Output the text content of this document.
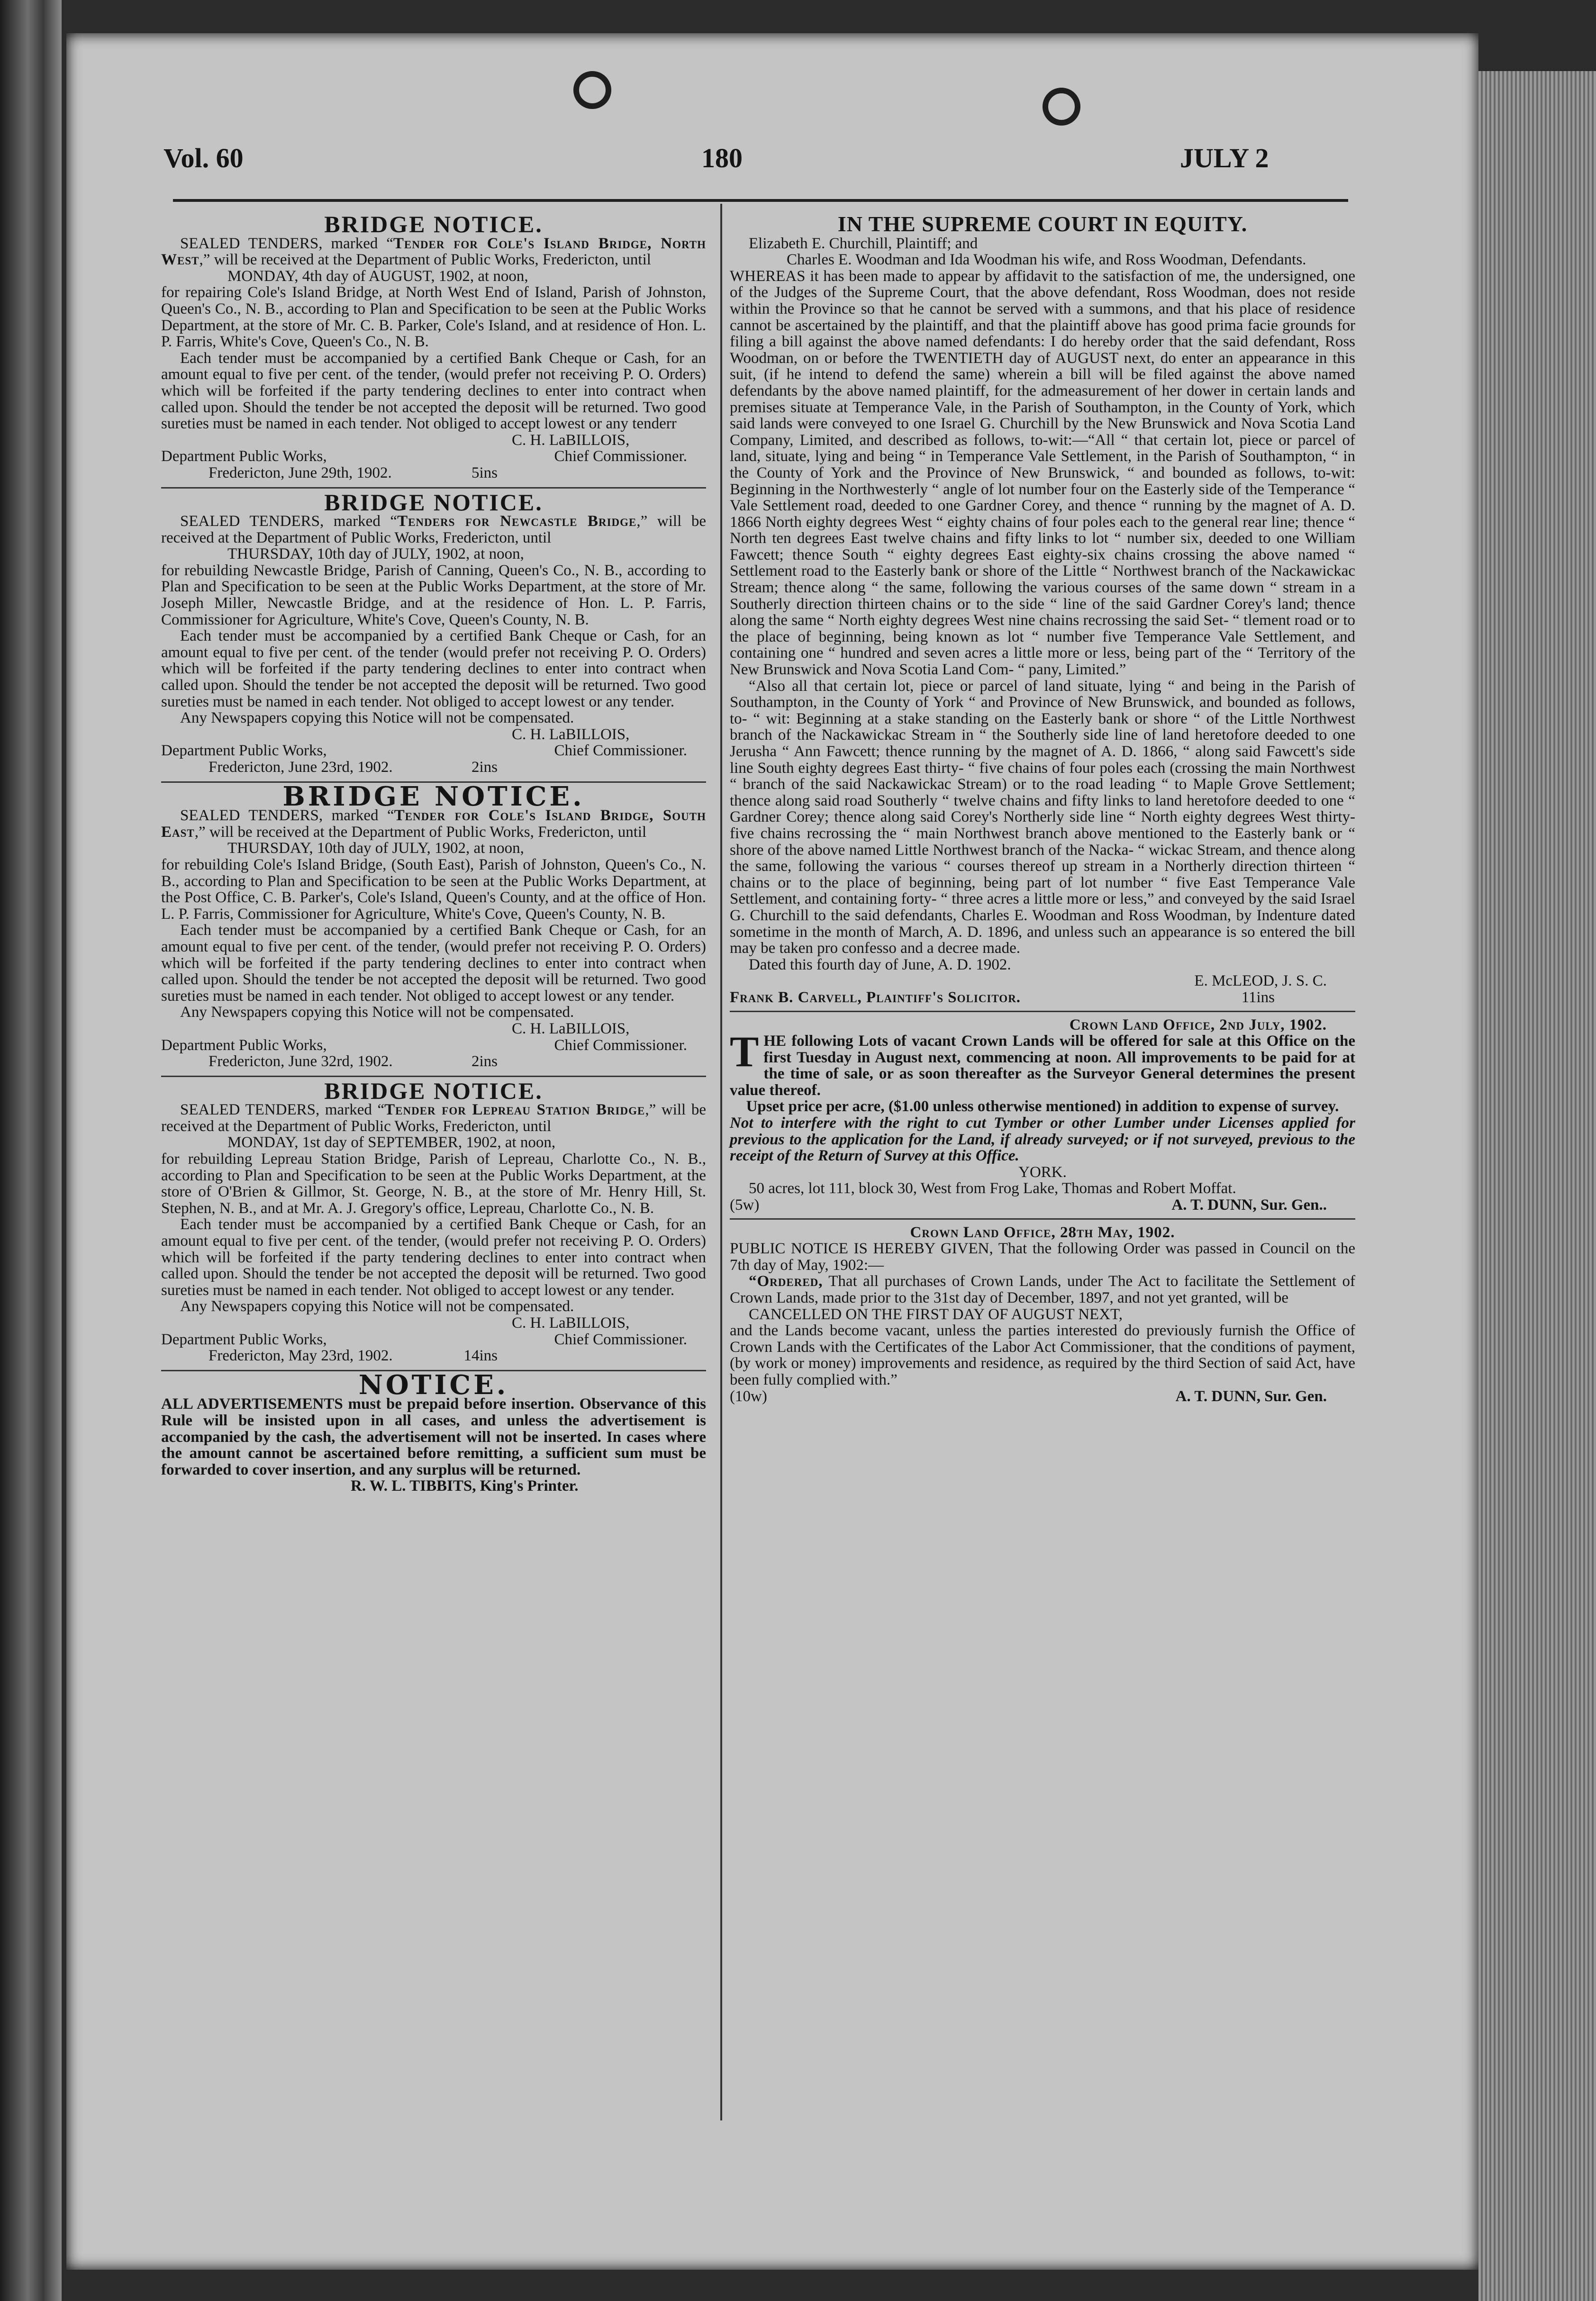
Vol. 60	180	JULY 2
BRIDGE NOTICE.

SEALED TENDERS, marked “Tender for Cole's Island Bridge, North West,” will be received at the Department of Public Works, Fredericton, until

MONDAY, 4th day of AUGUST, 1902, at noon,

for repairing Cole's Island Bridge, at North West End of Island, Parish of Johnston, Queen's Co., N. B., according to Plan and Specification to be seen at the Public Works Department, at the store of Mr. C. B. Parker, Cole's Island, and at residence of Hon. L. P. Farris, White's Cove, Queen's Co., N. B.

Each tender must be accompanied by a certified Bank Cheque or Cash, for an amount equal to five per cent. of the tender, (would prefer not receiving P. O. Orders) which will be forfeited if the party tendering declines to enter into contract when called upon. Should the tender be not accepted the deposit will be returned. Two good sureties must be named in each tender. Not obliged to accept lowest or any tenderr

C. H. LaBILLOIS,

Department Public Works,	Chief Commissioner.
Fredericton, June 29th, 1902.	5ins
BRIDGE NOTICE.

SEALED TENDERS, marked “Tenders for Newcastle Bridge,” will be received at the Department of Public Works, Fredericton, until

THURSDAY, 10th day of JULY, 1902, at noon,

for rebuilding Newcastle Bridge, Parish of Canning, Queen's Co., N. B., according to Plan and Specification to be seen at the Public Works Department, at the store of Mr. Joseph Miller, Newcastle Bridge, and at the residence of Hon. L. P. Farris, Commissioner for Agriculture, White's Cove, Queen's County, N. B.

Each tender must be accompanied by a certified Bank Cheque or Cash, for an amount equal to five per cent. of the tender (would prefer not receiving P. O. Orders) which will be forfeited if the party tendering declines to enter into contract when called upon. Should the tender be not accepted the deposit will be returned. Two good sureties must be named in each tender. Not obliged to accept lowest or any tender.

Any Newspapers copying this Notice will not be compensated.

C. H. LaBILLOIS,

Department Public Works,	Chief Commissioner.
Fredericton, June 23rd, 1902.	2ins
BRIDGE NOTICE.

SEALED TENDERS, marked “Tender for Cole's Island Bridge, South East,” will be received at the Department of Public Works, Fredericton, until

THURSDAY, 10th day of JULY, 1902, at noon,

for rebuilding Cole's Island Bridge, (South East), Parish of Johnston, Queen's Co., N. B., according to Plan and Specification to be seen at the Public Works Department, at the Post Office, C. B. Parker's, Cole's Island, Queen's County, and at the office of Hon. L. P. Farris, Commissioner for Agriculture, White's Cove, Queen's County, N. B.

Each tender must be accompanied by a certified Bank Cheque or Cash, for an amount equal to five per cent. of the tender, (would prefer not receiving P. O. Orders) which will be forfeited if the party tendering declines to enter into contract when called upon. Should the tender be not accepted the deposit will be returned. Two good sureties must be named in each tender. Not obliged to accept lowest or any tender.

Any Newspapers copying this Notice will not be compensated.

C. H. LaBILLOIS,

Department Public Works,	Chief Commissioner.
Fredericton, June 32rd, 1902.	2ins
BRIDGE NOTICE.

SEALED TENDERS, marked “Tender for Lepreau Station Bridge,” will be received at the Department of Public Works, Fredericton, until

MONDAY, 1st day of SEPTEMBER, 1902, at noon,

for rebuilding Lepreau Station Bridge, Parish of Lepreau, Charlotte Co., N. B., according to Plan and Specification to be seen at the Public Works Department, at the store of O'Brien & Gillmor, St. George, N. B., at the store of Mr. Henry Hill, St. Stephen, N. B., and at Mr. A. J. Gregory's office, Lepreau, Charlotte Co., N. B.

Each tender must be accompanied by a certified Bank Cheque or Cash, for an amount equal to five per cent. of the tender, (would prefer not receiving P. O. Orders) which will be forfeited if the party tendering declines to enter into contract when called upon. Should the tender be not accepted the deposit will be returned. Two good sureties must be named in each tender. Not obliged to accept lowest or any tender.

Any Newspapers copying this Notice will not be compensated.

C. H. LaBILLOIS,

Department Public Works,	Chief Commissioner.
Fredericton, May 23rd, 1902.	14ins
NOTICE.

ALL ADVERTISEMENTS must be prepaid before insertion. Observance of this Rule will be insisted upon in all cases, and unless the advertisement is accompanied by the cash, the advertisement will not be inserted. In cases where the amount cannot be ascertained before remitting, a sufficient sum must be forwarded to cover insertion, and any surplus will be returned.

R. W. L. TIBBITS, King's Printer.

IN THE SUPREME COURT IN EQUITY.

Elizabeth E. Churchill, Plaintiff; and

Charles E. Woodman and Ida Woodman his wife, and Ross Woodman, Defendants.

WHEREAS it has been made to appear by affidavit to the satisfaction of me, the undersigned, one of the Judges of the Supreme Court, that the above defendant, Ross Woodman, does not reside within the Province so that he cannot be served with a summons, and that his place of residence cannot be ascertained by the plaintiff, and that the plaintiff above has good prima facie grounds for filing a bill against the above named defendants: I do hereby order that the said defendant, Ross Woodman, on or before the TWENTIETH day of AUGUST next, do enter an appearance in this suit, (if he intend to defend the same) wherein a bill will be filed against the above named defendants by the above named plaintiff, for the admeasurement of her dower in certain lands and premises situate at Temperance Vale, in the Parish of Southampton, in the County of York, which said lands were conveyed to one Israel G. Churchill by the New Brunswick and Nova Scotia Land Company, Limited, and described as follows, to-wit:—“All “ that certain lot, piece or parcel of land, situate, lying and being “ in Temperance Vale Settlement, in the Parish of Southampton, “ in the County of York and the Province of New Brunswick, “ and bounded as follows, to-wit: Beginning in the Northwesterly “ angle of lot number four on the Easterly side of the Temperance “ Vale Settlement road, deeded to one Gardner Corey, and thence “ running by the magnet of A. D. 1866 North eighty degrees West “ eighty chains of four poles each to the general rear line; thence “ North ten degrees East twelve chains and fifty links to lot “ number six, deeded to one William Fawcett; thence South “ eighty degrees East eighty-six chains crossing the above named “ Settlement road to the Easterly bank or shore of the Little “ Northwest branch of the Nackawickac Stream; thence along “ the same, following the various courses of the same down “ stream in a Southerly direction thirteen chains or to the side “ line of the said Gardner Corey's land; thence along the same “ North eighty degrees West nine chains recrossing the said Set- “ tlement road or to the place of beginning, being known as lot “ number five Temperance Vale Settlement, and containing one “ hundred and seven acres a little more or less, being part of the “ Territory of the New Brunswick and Nova Scotia Land Com- “ pany, Limited.”

“Also all that certain lot, piece or parcel of land situate, lying “ and being in the Parish of Southampton, in the County of York “ and Province of New Brunswick, and bounded as follows, to- “ wit: Beginning at a stake standing on the Easterly bank or shore “ of the Little Northwest branch of the Nackawickac Stream in “ the Southerly side line of land heretofore deeded to one Jerusha “ Ann Fawcett; thence running by the magnet of A. D. 1866, “ along said Fawcett's side line South eighty degrees East thirty- “ five chains of four poles each (crossing the main Northwest “ branch of the said Nackawickac Stream) or to the road leading “ to Maple Grove Settlement; thence along said road Southerly “ twelve chains and fifty links to land heretofore deeded to one “ Gardner Corey; thence along said Corey's Northerly side line “ North eighty degrees West thirty-five chains recrossing the “ main Northwest branch above mentioned to the Easterly bank or “ shore of the above named Little Northwest branch of the Nacka- “ wickac Stream, and thence along the same, following the various “ courses thereof up stream in a Northerly direction thirteen “ chains or to the place of beginning, being part of lot number “ five East Temperance Vale Settlement, and containing forty- “ three acres a little more or less,” and conveyed by the said Israel G. Churchill to the said defendants, Charles E. Woodman and Ross Woodman, by Indenture dated sometime in the month of March, A. D. 1896, and unless such an appearance is so entered the bill may be taken pro confesso and a decree made.

Dated this fourth day of June, A. D. 1902.

E. McLEOD, J. S. C.

Frank B. Carvell, Plaintiff's Solicitor.	11ins

Crown Land Office, 2nd July, 1902.

THE following Lots of vacant Crown Lands will be offered for sale at this Office on the first Tuesday in August next, commencing at noon. All improvements to be paid for at the time of sale, or as soon thereafter as the Surveyor General determines the present value thereof.

Upset price per acre, ($1.00 unless otherwise mentioned) in addition to expense of survey.

Not to interfere with the right to cut Tymber or other Lumber under Licenses applied for previous to the application for the Land, if already surveyed; or if not surveyed, previous to the receipt of the Return of Survey at this Office.

YORK.

50 acres, lot 111, block 30, West from Frog Lake, Thomas and Robert Moffat.

(5w)	A. T. DUNN, Sur. Gen..

Crown Land Office, 28th May, 1902.

PUBLIC NOTICE IS HEREBY GIVEN, That the following Order was passed in Council on the 7th day of May, 1902:—

“Ordered, That all purchases of Crown Lands, under The Act to facilitate the Settlement of Crown Lands, made prior to the 31st day of December, 1897, and not yet granted, will be

CANCELLED ON THE FIRST DAY OF AUGUST NEXT,

and the Lands become vacant, unless the parties interested do previously furnish the Office of Crown Lands with the Certificates of the Labor Act Commissioner, that the conditions of payment, (by work or money) improvements and residence, as required by the third Section of said Act, have been fully complied with.”

(10w)	A. T. DUNN, Sur. Gen.
